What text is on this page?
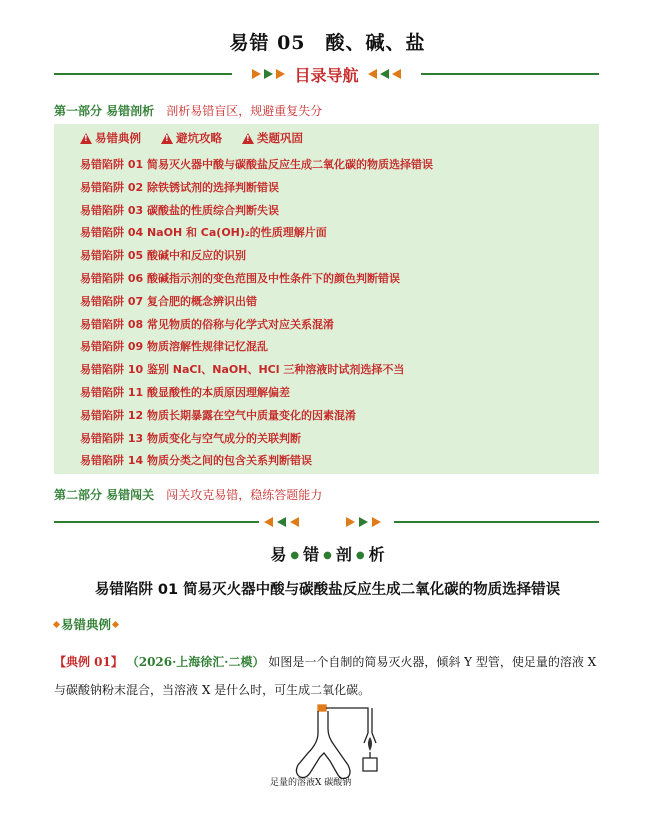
易错 05　酸、碱、盐
目录导航
第一部分 易错剖析 剖析易错盲区，规避重复失分
!
易错典例 !	避坑攻略 !	类题巩固
易错陷阱 01 简易灭火器中酸与碳酸盐反应生成二氧化碳的物质选择错误
易错陷阱 02 除铁锈试剂的选择判断错误
易错陷阱 03 碳酸盐的性质综合判断失误
易错陷阱 04 NaOH 和 Ca(OH)₂的性质理解片面
易错陷阱 05 酸碱中和反应的识别
易错陷阱 06 酸碱指示剂的变色范围及中性条件下的颜色判断错误
易错陷阱 07 复合肥的概念辨识出错
易错陷阱 08 常见物质的俗称与化学式对应关系混淆
易错陷阱 09 物质溶解性规律记忆混乱
易错陷阱 10 鉴别 NaCl、NaOH、HCl 三种溶液时试剂选择不当
易错陷阱 11 酸显酸性的本质原因理解偏差
易错陷阱 12 物质长期暴露在空气中质量变化的因素混淆
易错陷阱 13 物质变化与空气成分的关联判断
易错陷阱 14 物质分类之间的包含关系判断错误
第二部分 易错闯关 闯关攻克易错，稳练答题能力
易 ● 错 ● 剖 ● 析
易错陷阱 01 简易灭火器中酸与碳酸盐反应生成二氧化碳的物质选择错误
易错典例
【典例 01】 （2026·上海徐汇·二模） 如图是一个自制的简易灭火器，倾斜 Y 型管，使足量的溶液 X 与碳酸钠粉末混合，当溶液 X 是什么时，可生成二氧化碳。
足量的溶液X 碳酸钠
